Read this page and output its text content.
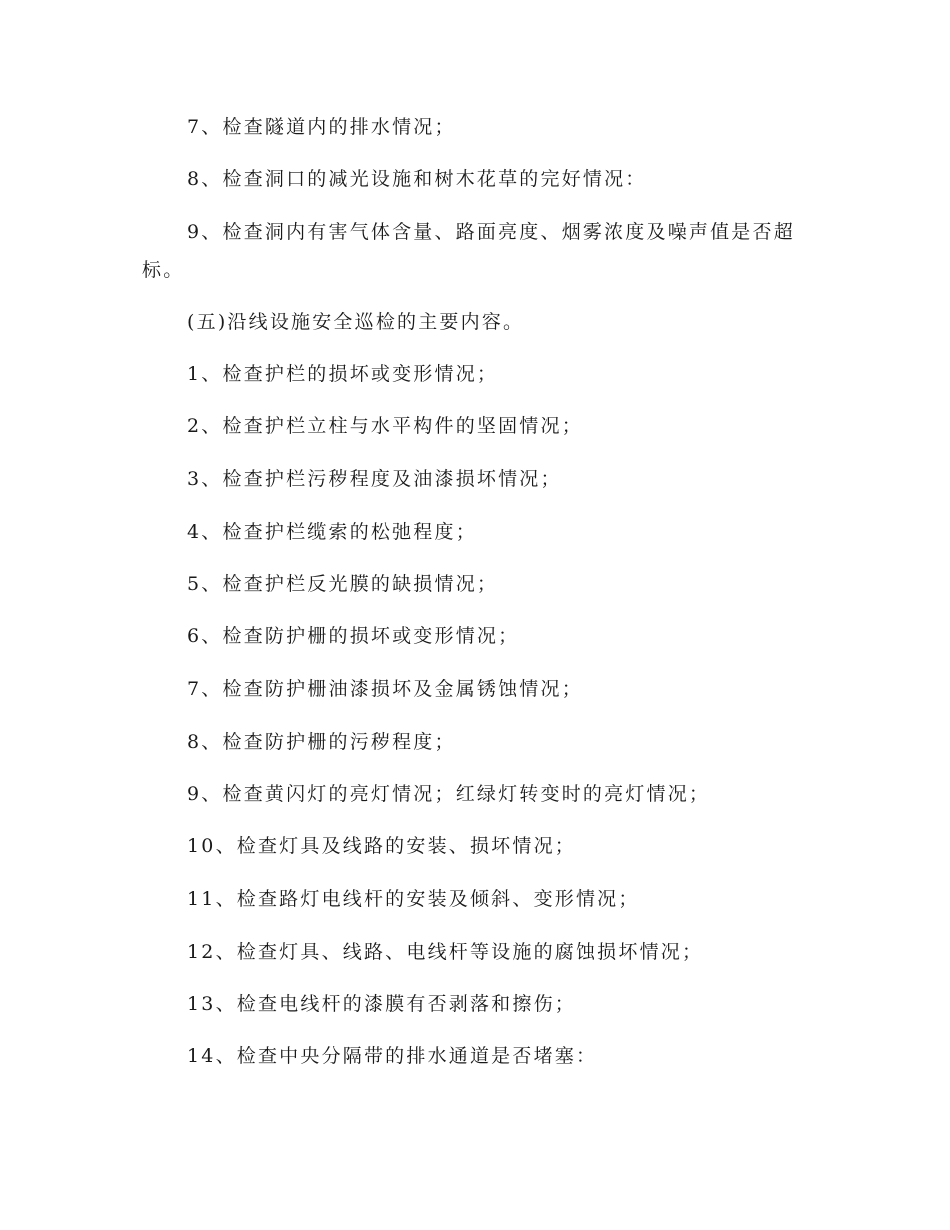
7、检查隧道内的排水情况；
8、检查洞口的减光设施和树木花草的完好情况：
9、检查洞内有害气体含量、路面亮度、烟雾浓度及噪声值是否超
标。
(五)沿线设施安全巡检的主要内容。
1、检查护栏的损坏或变形情况；
2、检查护栏立柱与水平构件的坚固情况；
3、检查护栏污秽程度及油漆损坏情况；
4、检查护栏缆索的松弛程度；
5、检查护栏反光膜的缺损情况；
6、检查防护栅的损坏或变形情况；
7、检查防护栅油漆损坏及金属锈蚀情况；
8、检查防护栅的污秽程度；
9、检查黄闪灯的亮灯情况；红绿灯转变时的亮灯情况；
10、检查灯具及线路的安装、损坏情况；
11、检查路灯电线杆的安装及倾斜、变形情况；
12、检查灯具、线路、电线杆等设施的腐蚀损坏情况；
13、检查电线杆的漆膜有否剥落和擦伤；
14、检查中央分隔带的排水通道是否堵塞：
